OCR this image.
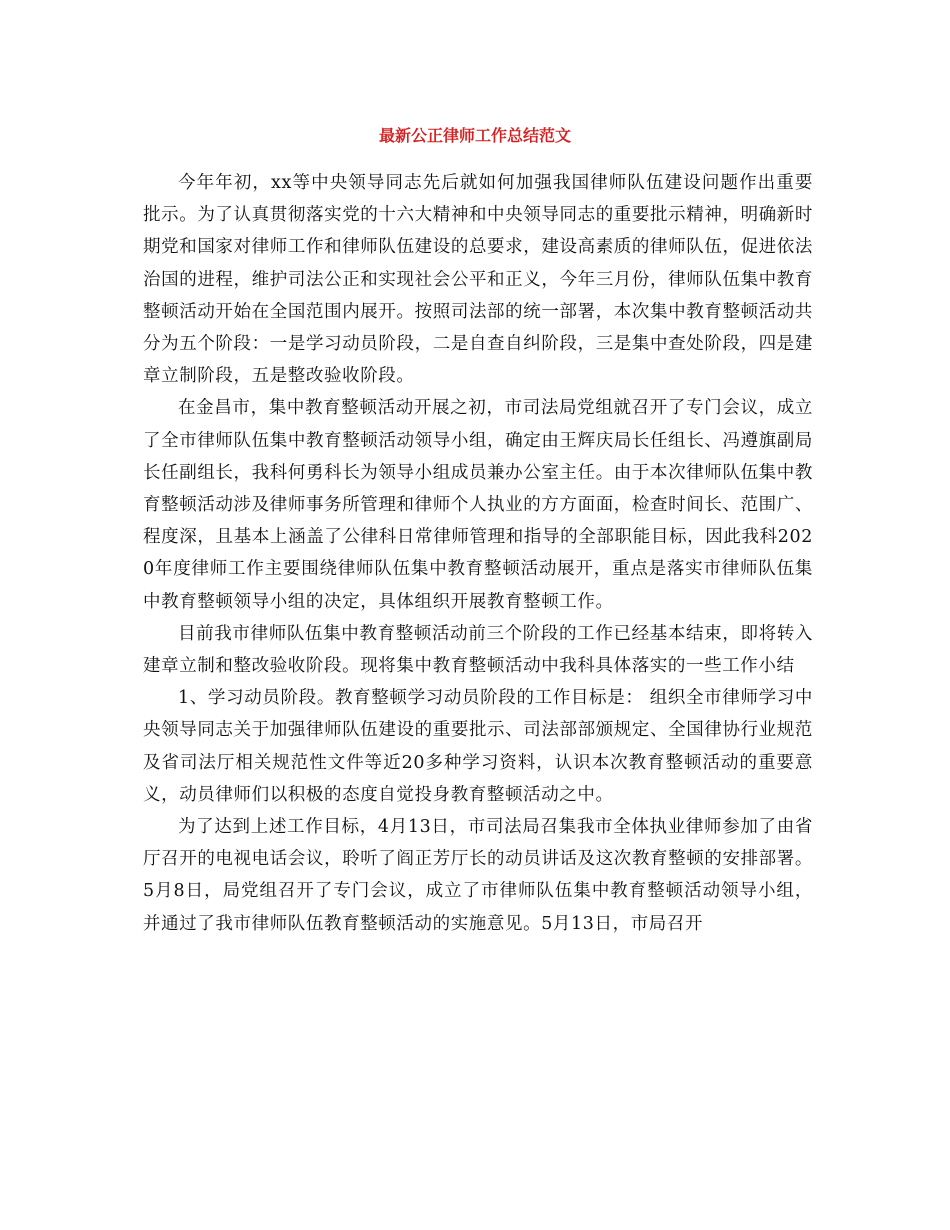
最新公正律师工作总结范文

今年年初，xx等中央领导同志先后就如何加强我国律师队伍建设问题作出重要批示。为了认真贯彻落实党的十六大精神和中央领导同志的重要批示精神，明确新时期党和国家对律师工作和律师队伍建设的总要求，建设高素质的律师队伍，促进依法治国的进程，维护司法公正和实现社会公平和正义，今年三月份，律师队伍集中教育整顿活动开始在全国范围内展开。按照司法部的统一部署，本次集中教育整顿活动共分为五个阶段：一是学习动员阶段，二是自查自纠阶段，三是集中查处阶段，四是建章立制阶段，五是整改验收阶段。

在金昌市，集中教育整顿活动开展之初，市司法局党组就召开了专门会议，成立了全市律师队伍集中教育整顿活动领导小组，确定由王辉庆局长任组长、冯遵旗副局长任副组长，我科何勇科长为领导小组成员兼办公室主任。由于本次律师队伍集中教育整顿活动涉及律师事务所管理和律师个人执业的方方面面，检查时间长、范围广、程度深，且基本上涵盖了公律科日常律师管理和指导的全部职能目标，因此我科2020年度律师工作主要围绕律师队伍集中教育整顿活动展开，重点是落实市律师队伍集中教育整顿领导小组的决定，具体组织开展教育整顿工作。

目前我市律师队伍集中教育整顿活动前三个阶段的工作已经基本结束，即将转入建章立制和整改验收阶段。现将集中教育整顿活动中我科具体落实的一些工作小结

1、学习动员阶段。教育整顿学习动员阶段的工作目标是： 组织全市律师学习中央领导同志关于加强律师队伍建设的重要批示、司法部部颁规定、全国律协行业规范及省司法厅相关规范性文件等近20多种学习资料，认识本次教育整顿活动的重要意义，动员律师们以积极的态度自觉投身教育整顿活动之中。

为了达到上述工作目标，4月13日，市司法局召集我市全体执业律师参加了由省厅召开的电视电话会议，聆听了阎正芳厅长的动员讲话及这次教育整顿的安排部署。5月8日，局党组召开了专门会议，成立了市律师队伍集中教育整顿活动领导小组，并通过了我市律师队伍教育整顿活动的实施意见。5月13日，市局召开
